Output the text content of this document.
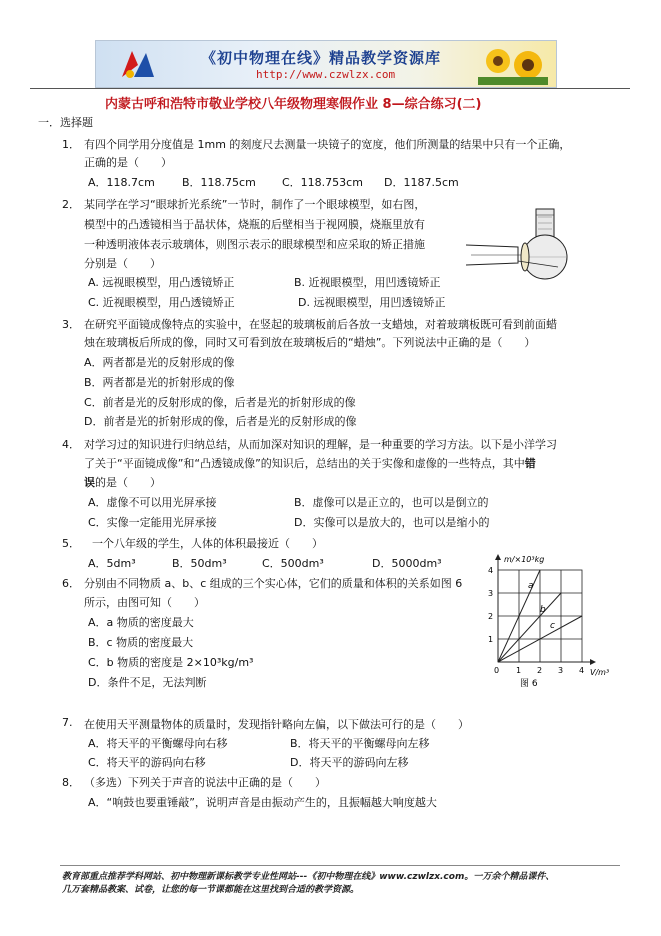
《初中物理在线》精品教学资源库
http://www.czwlzx.com
内蒙古呼和浩特市敬业学校八年级物理寒假作业 8—综合练习(二)
一．选择题
1． 有四个同学用分度值是 1mm 的刻度尺去测量一块镜子的宽度，他们所测量的结果中只有一个正确，
正确的是（　　）
A．118.7cm B．118.75cm C．118.753cm D．1187.5cm
2． 某同学在学习“眼球折光系统”一节时，制作了一个眼球模型，如右图，
模型中的凸透镜相当于晶状体，烧瓶的后壁相当于视网膜，烧瓶里放有
一种透明液体表示玻璃体，则图示表示的眼球模型和应采取的矫正措施
分别是（　　）
A. 远视眼模型，用凸透镜矫正	B. 近视眼模型，用凹透镜矫正
C. 近视眼模型，用凸透镜矫正	D. 远视眼模型，用凹透镜矫正
3． 在研究平面镜成像特点的实验中，在竖起的玻璃板前后各放一支蜡烛，对着玻璃板既可看到前面蜡
烛在玻璃板后所成的像，同时又可看到放在玻璃板后的“蜡烛”。下列说法中正确的是（　　）
A．两者都是光的反射形成的像
B．两者都是光的折射形成的像
C．前者是光的反射形成的像，后者是光的折射形成的像
D．前者是光的折射形成的像，后者是光的反射形成的像
4． 对学习过的知识进行归纳总结，从而加深对知识的理解，是一种重要的学习方法。以下是小洋学习
了关于“平面镜成像”和“凸透镜成像”的知识后，总结出的关于实像和虚像的一些特点，其中错
误的是（　　）
A．虚像不可以用光屏承接	B．虚像可以是正立的，也可以是倒立的
C．实像一定能用光屏承接	D．实像可以是放大的，也可以是缩小的
5． 一个八年级的学生，人体的体积最接近（　　）
A．5dm³	B．50dm³	C．500dm³	D．5000dm³
6． 分别由不同物质 a、b、c 组成的三个实心体，它们的质量和体积的关系如图 6
所示，由图可知（　　）
A．a 物质的密度最大
B．c 物质的密度最大
C．b 物质的密度是 2×10³kg/m³
D．条件不足，无法判断
a
b
c
m/×10³kg
V/m³
0 1 2 3 4
1
2
3
4
图 6
7. 在使用天平测量物体的质量时，发现指针略向左偏，以下做法可行的是（　　）
A．将天平的平衡螺母向右移	B．将天平的平衡螺母向左移
C．将天平的游码向右移	D．将天平的游码向左移
8． （多选）下列关于声音的说法中正确的是（　　）
A．“响鼓也要重锤敲”，说明声音是由振动产生的，且振幅越大响度越大
教育部重点推荐学科网站、初中物理新课标教学专业性网站---《初中物理在线》www.czwlzx.com。一万余个精品课件、
几万套精品教案、试卷，让您的每一节课都能在这里找到合适的教学资源。
